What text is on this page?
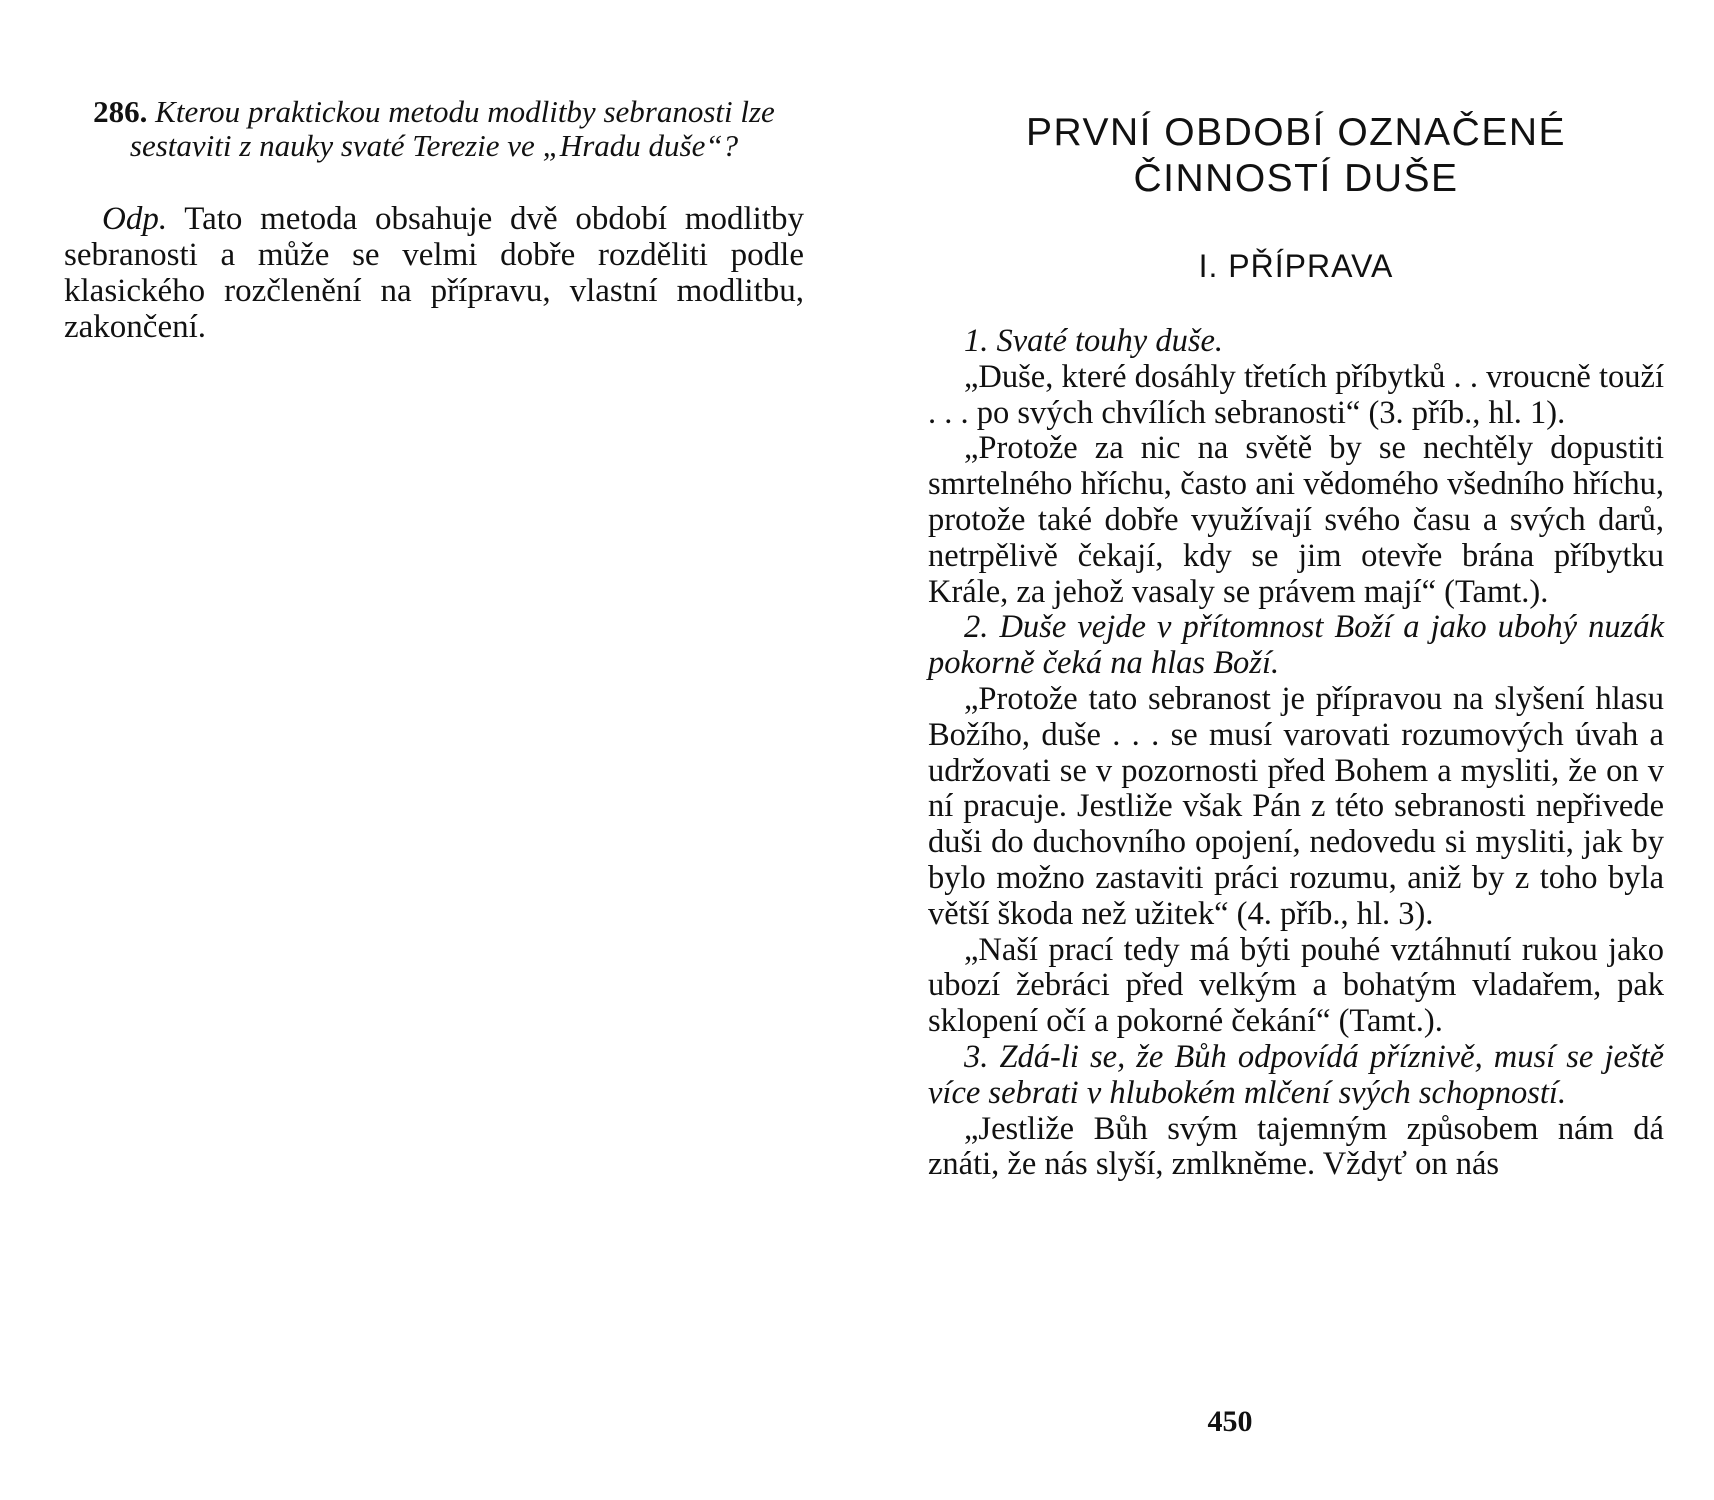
286. Kterou praktickou metodu modlitby sebranosti lze sestaviti z nauky svaté Terezie ve „Hradu duše“?

Odp. Tato metoda obsahuje dvě období modlitby sebranosti a může se velmi dobře rozděliti podle klasického rozčlenění na přípravu, vlastní modlitbu, zakončení.

PRVNÍ OBDOBÍ OZNAČENÉ ČINNOSTÍ DUŠE
I. PŘÍPRAVA

1. Svaté touhy duše.

„Duše, které dosáhly třetích příbytků . . vroucně touží . . . po svých chvílích sebranosti“ (3. příb., hl. 1).

„Protože za nic na světě by se nechtěly dopustiti smrtelného hříchu, často ani vědomého všedního hříchu, protože také dobře využívají svého času a svých darů, netrpělivě čekají, kdy se jim otevře brána příbytku Krále, za jehož vasaly se právem mají“ (Tamt.).

2. Duše vejde v přítomnost Boží a jako ubohý nuzák pokorně čeká na hlas Boží.

„Protože tato sebranost je přípravou na slyšení hlasu Božího, duše . . . se musí varovati rozumových úvah a udržovati se v pozornosti před Bohem a mysliti, že on v ní pracuje. Jestliže však Pán z této sebranosti nepřivede duši do duchovního opojení, nedovedu si mysliti, jak by bylo možno zastaviti práci rozumu, aniž by z toho byla větší škoda než užitek“ (4. příb., hl. 3).

„Naší prací tedy má býti pouhé vztáhnutí rukou jako ubozí žebráci před velkým a bohatým vladařem, pak sklopení očí a pokorné čekání“ (Tamt.).

3. Zdá-li se, že Bůh odpovídá příznivě, musí se ještě více sebrati v hlubokém mlčení svých schopností.

„Jestliže Bůh svým tajemným způsobem nám dá znáti, že nás slyší, zmlkněme. Vždyť on nás

450
